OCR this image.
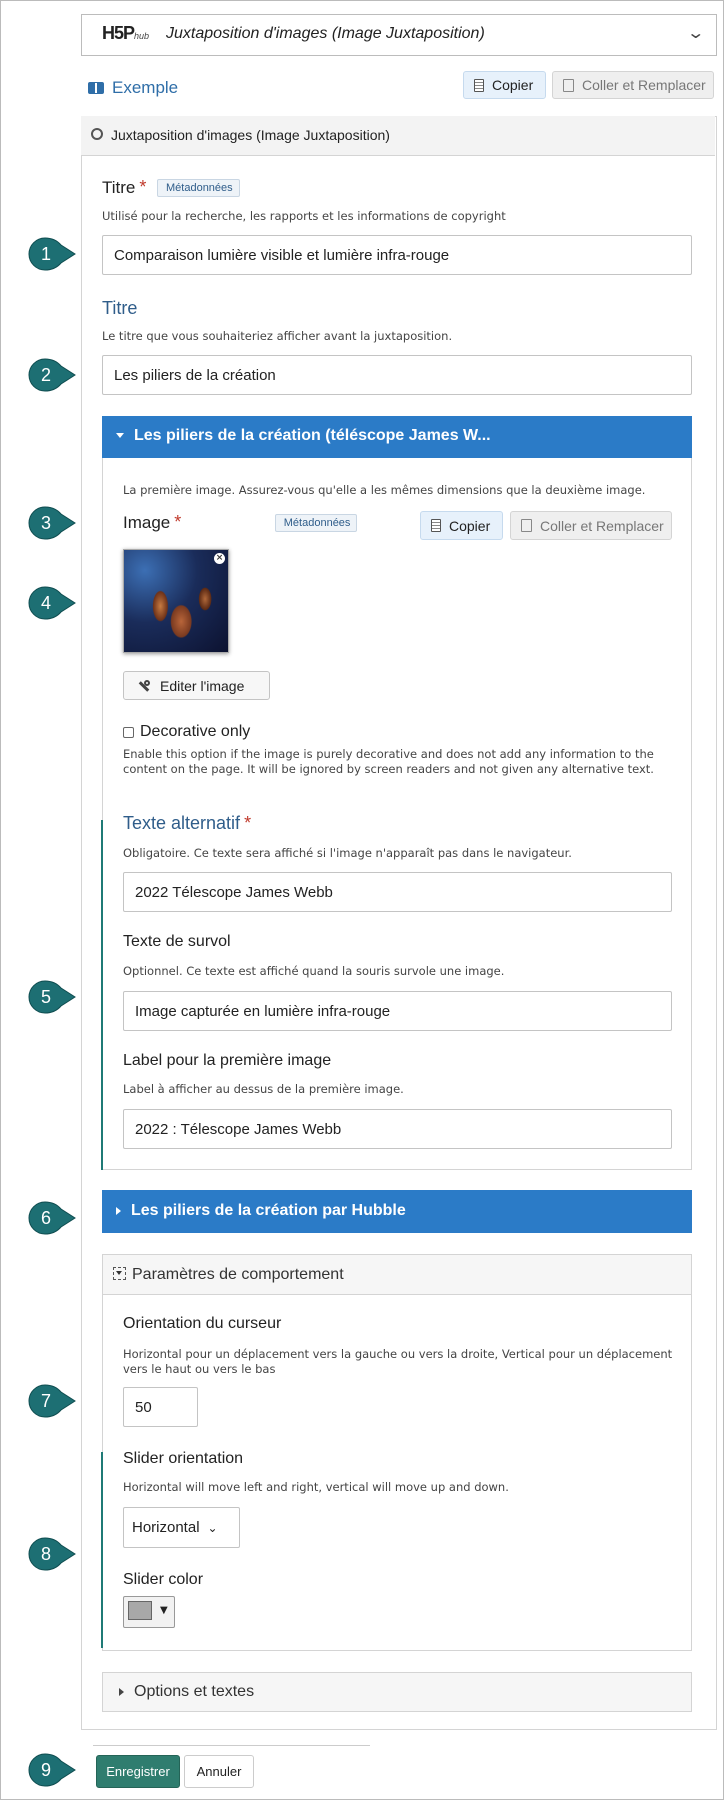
H5Phub Juxtaposition d'images (Image Juxtaposition)	⌄
Exemple	Copier	Coller et Remplacer
Juxtaposition d'images (Image Juxtaposition)
Titre * Métadonnées
Utilisé pour la recherche, les rapports et les informations de copyright
Comparaison lumière visible et lumière infra-rouge
Titre
Le titre que vous souhaiteriez afficher avant la juxtaposition.
Les piliers de la création
Les piliers de la création (téléscope James W...
La première image. Assurez-vous qu'elle a les mêmes dimensions que la deuxième image.
Image *	Métadonnées	Copier	Coller et Remplacer
×
Editer l'image
Decorative only
Enable this option if the image is purely decorative and does not add any information to the content on the page. It will be ignored by screen readers and not given any alternative text.
Texte alternatif *
Obligatoire. Ce texte sera affiché si l'image n'apparaît pas dans le navigateur.
2022 Télescope James Webb
Texte de survol
Optionnel. Ce texte est affiché quand la souris survole une image.
Image capturée en lumière infra-rouge
Label pour la première image
Label à afficher au dessus de la première image.
2022 : Télescope James Webb
Les piliers de la création par Hubble
Paramètres de comportement
Orientation du curseur
Horizontal pour un déplacement vers la gauche ou vers la droite, Vertical pour un déplacement vers le haut ou vers le bas
50
Slider orientation
Horizontal will move left and right, vertical will move up and down.
Horizontal ⌄
Slider color
▼
Options et textes
Enregistrer	Annuler
1
2
3
4
5
6
7
8
9
